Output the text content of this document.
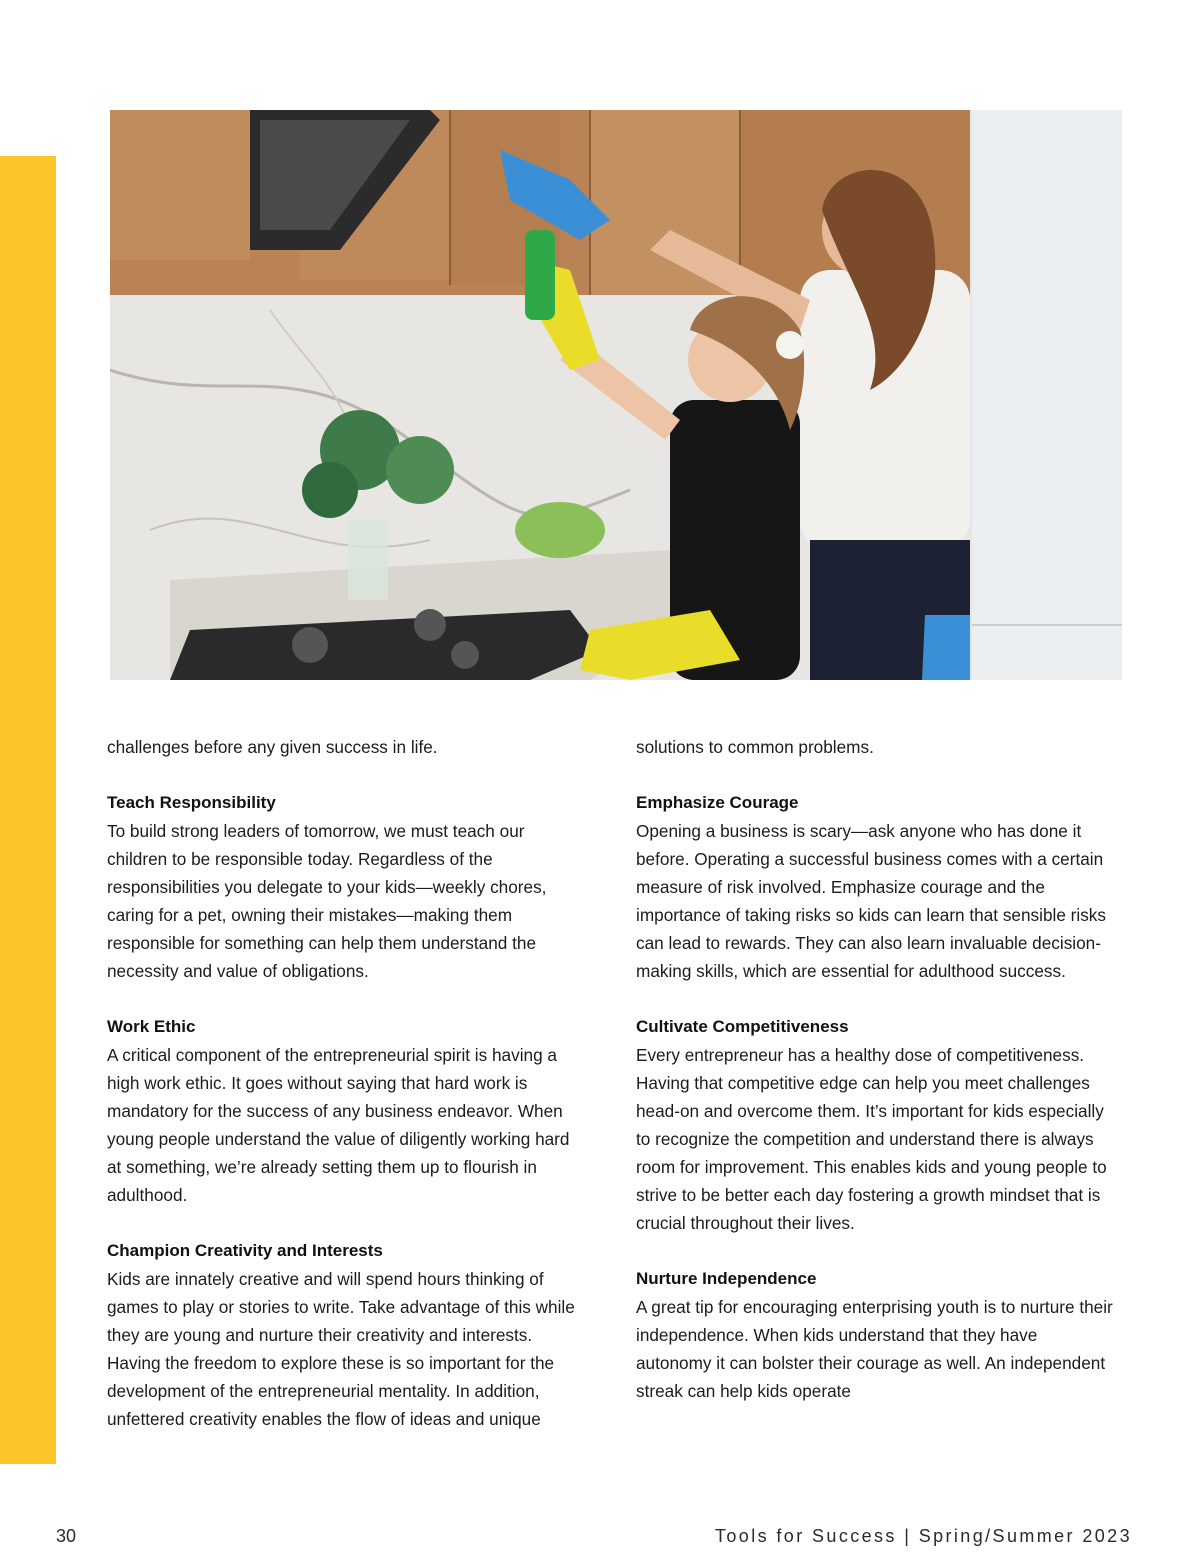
challenges before any given success in life.

Teach Responsibility

To build strong leaders of tomorrow, we must teach our children to be responsible today. Regardless of the responsibilities you delegate to your kids—weekly chores, caring for a pet, owning their mistakes—making them responsible for something can help them understand the necessity and value of obligations.

Work Ethic

A critical component of the entrepreneurial spirit is having a high work ethic. It goes without saying that hard work is mandatory for the success of any business endeavor. When young people understand the value of diligently working hard at something, we’re already setting them up to flourish in adulthood.

Champion Creativity and Interests

Kids are innately creative and will spend hours thinking of games to play or stories to write. Take advantage of this while they are young and nurture their creativity and interests. Having the freedom to explore these is so important for the development of the entrepreneurial mentality. In addition, unfettered creativity enables the flow of ideas and unique

solutions to common problems.

Emphasize Courage

Opening a business is scary—ask anyone who has done it before. Operating a successful business comes with a certain measure of risk involved. Emphasize courage and the importance of taking risks so kids can learn that sensible risks can lead to rewards. They can also learn invaluable decision-making skills, which are essential for adulthood success.

Cultivate Competitiveness

Every entrepreneur has a healthy dose of competitiveness. Having that competitive edge can help you meet challenges head-on and overcome them. It’s important for kids especially to recognize the competition and understand there is always room for improvement. This enables kids and young people to strive to be better each day fostering a growth mindset that is crucial throughout their lives.

Nurture Independence

A great tip for encouraging enterprising youth is to nurture their independence. When kids understand that they have autonomy it can bolster their courage as well. An independent streak can help kids operate

30	Tools for Success | Spring/Summer 2023
